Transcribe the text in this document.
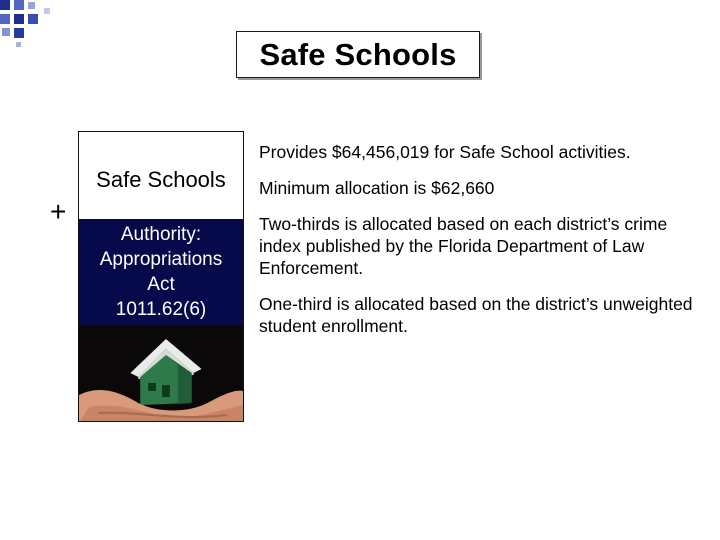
Safe Schools
+
Safe Schools
Authority:
Appropriations
Act
1011.62(6)
Provides $64,456,019 for Safe School activities.
Minimum allocation is $62,660
Two-thirds is allocated based on each district’s crime index published by the Florida Department of Law Enforcement.
One-third is allocated based on the district’s unweighted student enrollment.
